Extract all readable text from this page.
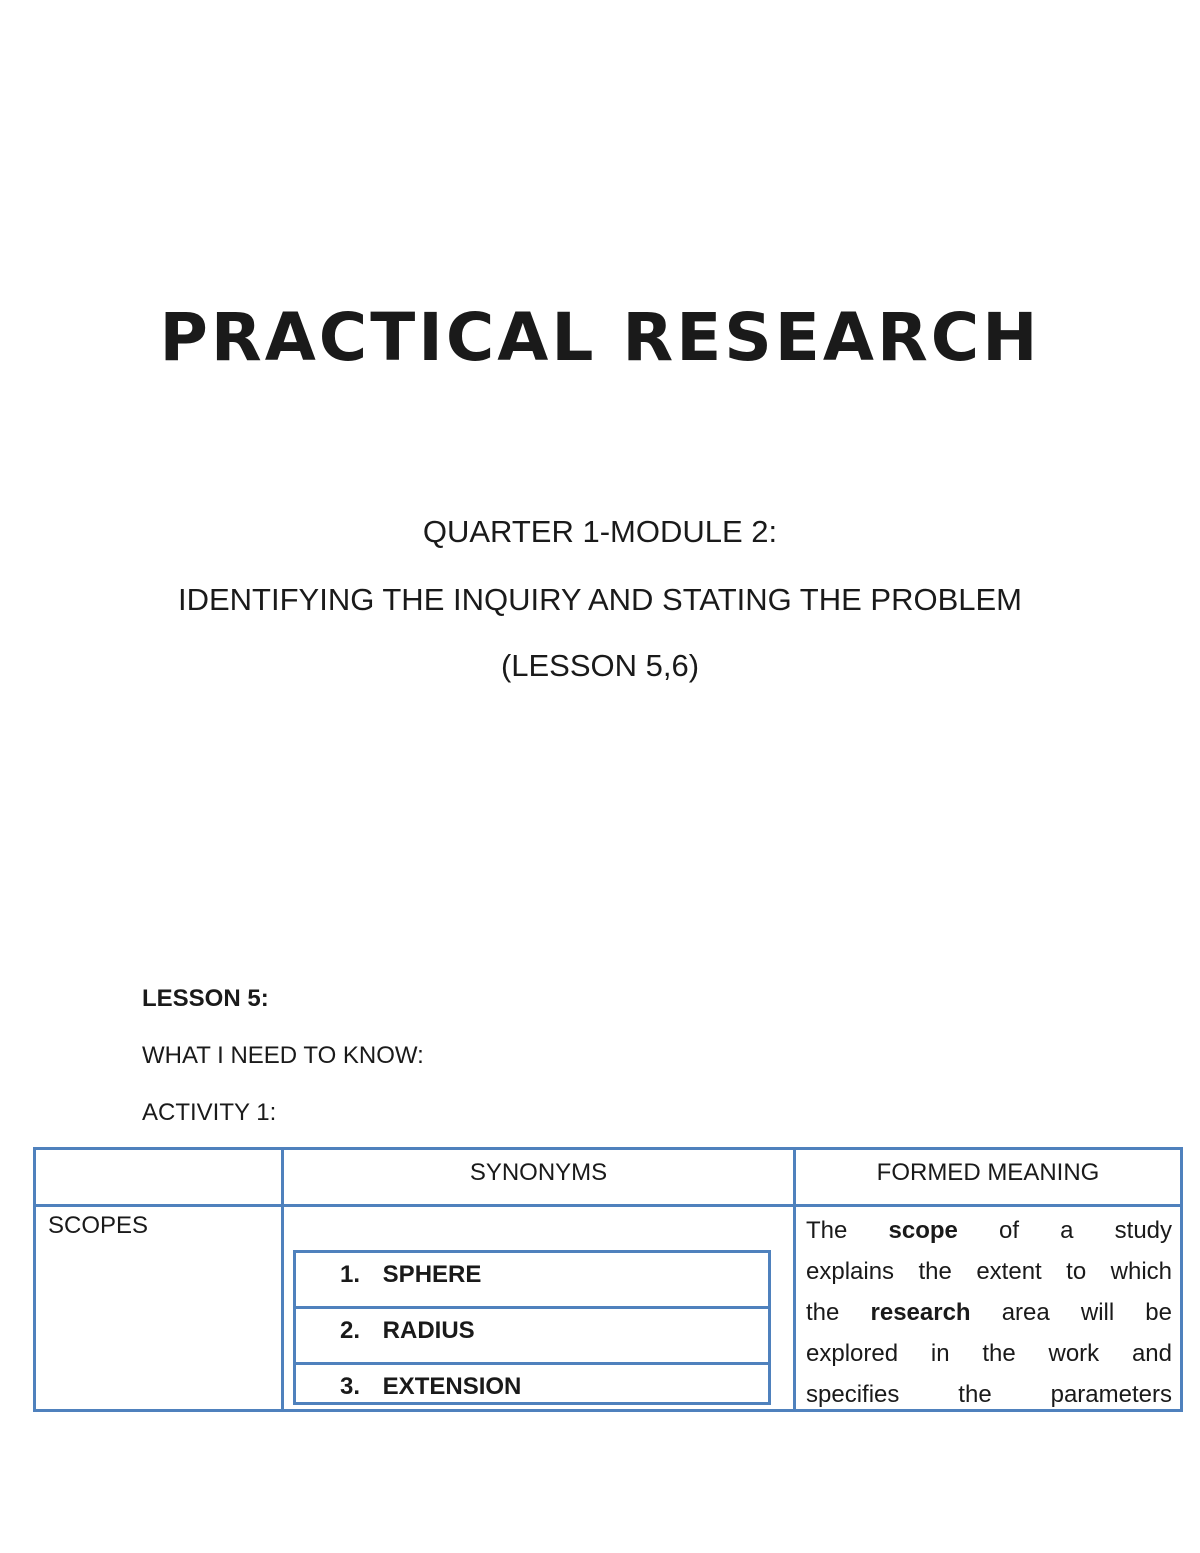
PRACTICAL RESEARCH

QUARTER 1-MODULE 2:

IDENTIFYING THE INQUIRY AND STATING THE PROBLEM

(LESSON 5,6)

LESSON 5:

WHAT I NEED TO KNOW:

ACTIVITY 1:

SYNONYMS	FORMED MEANING
SCOPES
1. SPHERE
2. RADIUS
3. EXTENSION
The scope of a study
explains the extent to which
the research area will be
explored in the work and
specifies the parameters
